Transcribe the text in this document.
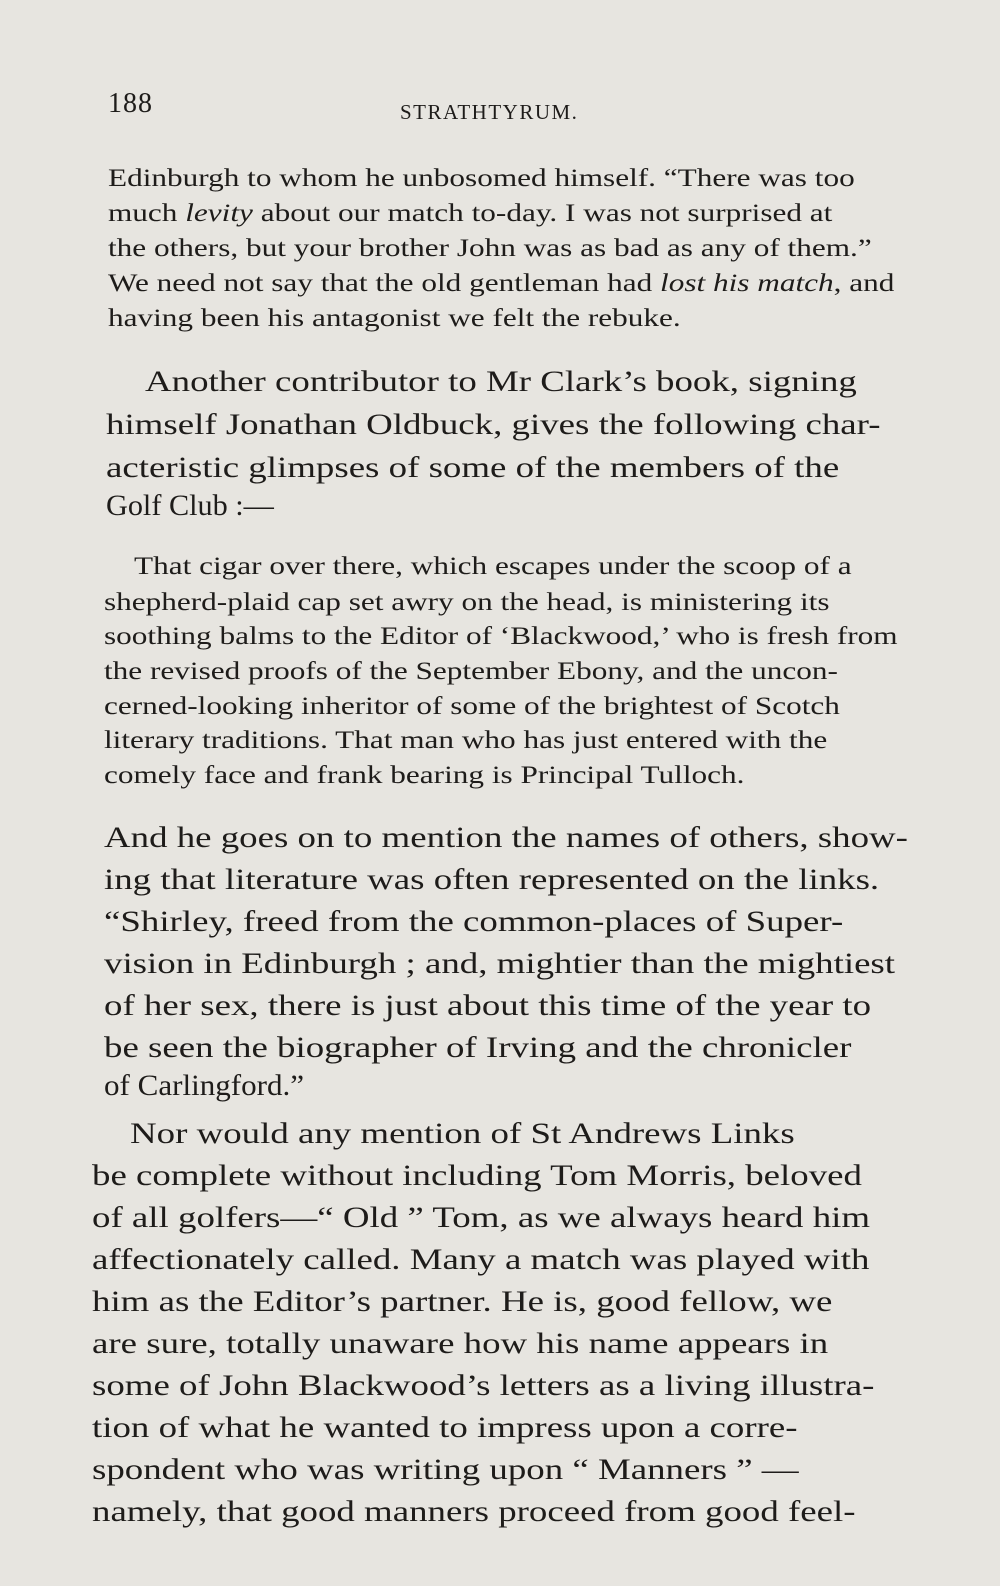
188	STRATHTYRUM.
Edinburgh to whom he unbosomed himself. “There was too
much levity about our match to-day. I was not surprised at
the others, but your brother John was as bad as any of them.”
We need not say that the old gentleman had lost his match, and
having been his antagonist we felt the rebuke.
Another contributor to Mr Clark’s book, signing
himself Jonathan Oldbuck, gives the following char-
acteristic glimpses of some of the members of the
Golf Club :—
That cigar over there, which escapes under the scoop of a
shepherd-plaid cap set awry on the head, is ministering its
soothing balms to the Editor of ‘Blackwood,’ who is fresh from
the revised proofs of the September Ebony, and the uncon-
cerned-looking inheritor of some of the brightest of Scotch
literary traditions. That man who has just entered with the
comely face and frank bearing is Principal Tulloch.
And he goes on to mention the names of others, show-
ing that literature was often represented on the links.
“Shirley, freed from the common-places of Super-
vision in Edinburgh ; and, mightier than the mightiest
of her sex, there is just about this time of the year to
be seen the biographer of Irving and the chronicler
of Carlingford.”
Nor would any mention of St Andrews Links
be complete without including Tom Morris, beloved
of all golfers—“ Old ” Tom, as we always heard him
affectionately called. Many a match was played with
him as the Editor’s partner. He is, good fellow, we
are sure, totally unaware how his name appears in
some of John Blackwood’s letters as a living illustra-
tion of what he wanted to impress upon a corre-
spondent who was writing upon “ Manners ” —
namely, that good manners proceed from good feel-
